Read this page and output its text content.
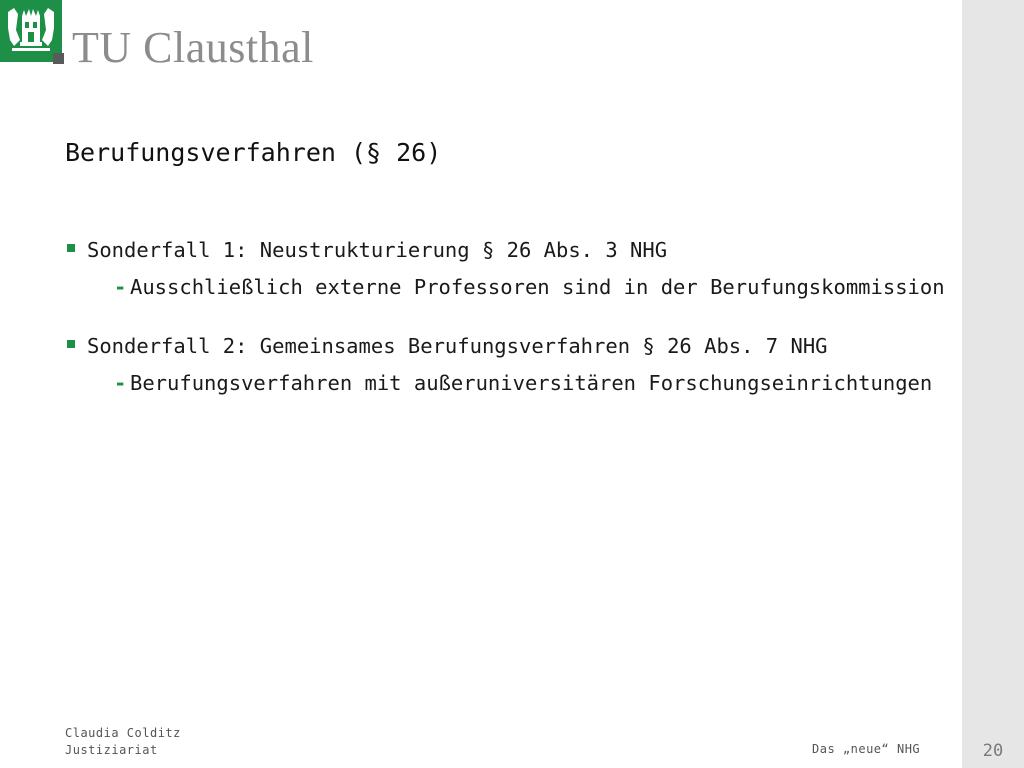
TU Clausthal
Berufungsverfahren (§ 26)
Sonderfall 1: Neustrukturierung § 26 Abs. 3 NHG
- Ausschließlich externe Professoren sind in der Berufungskommission
Sonderfall 2: Gemeinsames Berufungsverfahren § 26 Abs. 7 NHG
- Berufungsverfahren mit außeruniversitären Forschungseinrichtungen
Claudia Colditz
Justiziariat	Das „neue“ NHG	20
